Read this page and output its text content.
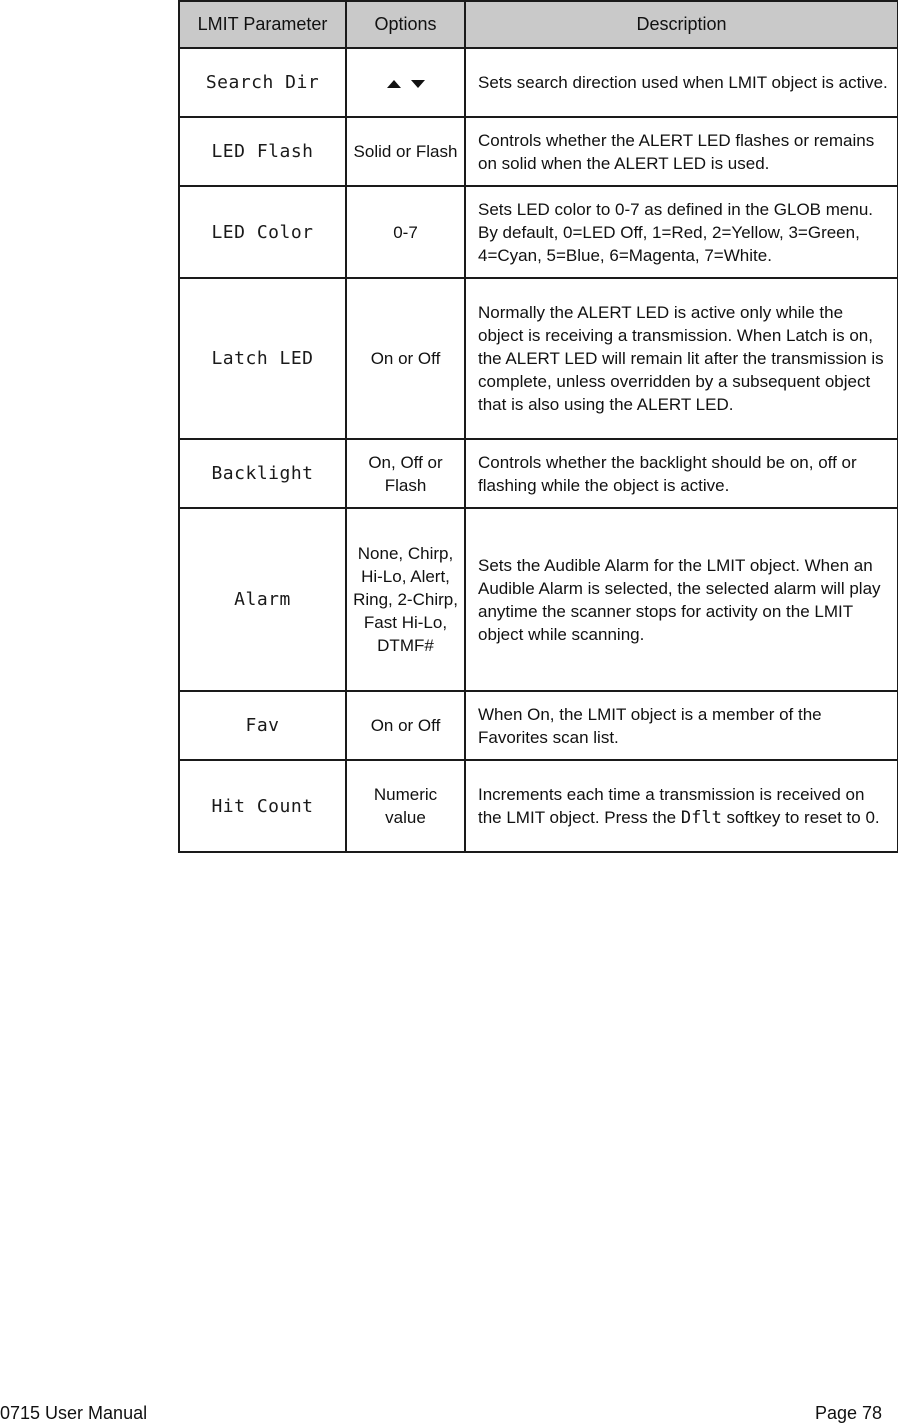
LMIT Parameter	Options	Description
Search Dir		Sets search direction used when LMIT object is active.
LED Flash	Solid or Flash	Controls whether the ALERT LED flashes or remains on solid when the ALERT LED is used.
LED Color	0-7	Sets LED color to 0-7 as defined in the GLOB menu. By default, 0=LED Off, 1=Red, 2=Yellow, 3=Green, 4=Cyan, 5=Blue, 6=Magenta, 7=White.
Latch LED	On or Off	Normally the ALERT LED is active only while the object is receiving a transmission. When Latch is on, the ALERT LED will remain lit after the transmission is complete, unless overridden by a subsequent object that is also using the ALERT LED.
Backlight	On, Off or Flash	Controls whether the backlight should be on, off or flashing while the object is active.
Alarm	None, Chirp, Hi-Lo, Alert, Ring, 2-Chirp, Fast Hi-Lo, DTMF#	Sets the Audible Alarm for the LMIT object. When an Audible Alarm is selected, the selected alarm will play anytime the scanner stops for activity on the LMIT object while scanning.
Fav	On or Off	When On, the LMIT object is a member of the Favorites scan list.
Hit Count	Numeric value	Increments each time a transmission is received on the LMIT object. Press the Dflt softkey to reset to 0.
0715 User Manual	Page 78
